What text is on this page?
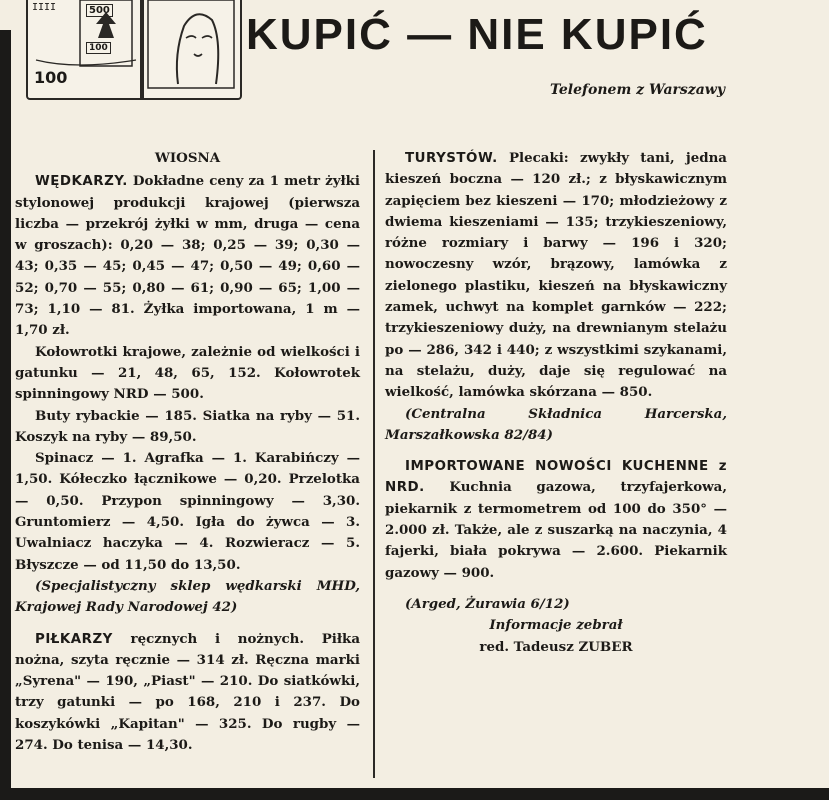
IIII	500
100
100
KUPIĆ — NIE KUPIĆ

Telefonem z Warszawy

WIOSNA

WĘDKARZY. Dokładne ceny za 1 metr żyłki stylonowej produkcji krajowej (pierwsza liczba — przekrój żyłki w mm, druga — cena w groszach): 0,20 — 38; 0,25 — 39; 0,30 — 43; 0,35 — 45; 0,45 — 47; 0,50 — 49; 0,60 — 52; 0,70 — 55; 0,80 — 61; 0,90 — 65; 1,00 — 73; 1,10 — 81. Żyłka importowana, 1 m — 1,70 zł.

Kołowrotki krajowe, zależnie od wielkości i gatunku — 21, 48, 65, 152. Kołowrotek spinningowy NRD — 500.

Buty rybackie — 185. Siatka na ryby — 51. Koszyk na ryby — 89,50.

Spinacz — 1. Agrafka — 1. Karabińczy — 1,50. Kółeczko łącznikowe — 0,20. Przelotka — 0,50. Przypon spinningowy — 3,30. Gruntomierz — 4,50. Igła do żywca — 3. Uwalniacz haczyka — 4. Rozwieracz — 5. Błyszcze — od 11,50 do 13,50.

(Specjalistyczny sklep wędkarski MHD, Krajowej Rady Narodowej 42)

PIŁKARZY ręcznych i nożnych. Piłka nożna, szyta ręcznie — 314 zł. Ręczna marki „Syrena" — 190, „Piast" — 210. Do siatkówki, trzy gatunki — po 168, 210 i 237. Do koszykówki „Kapitan" — 325. Do rugby — 274. Do tenisa — 14,30.

TURYSTÓW. Plecaki: zwykły tani, jedna kieszeń boczna — 120 zł.; z błyskawicznym zapięciem bez kieszeni — 170; młodzieżowy z dwiema kieszeniami — 135; trzykieszeniowy, różne rozmiary i barwy — 196 i 320; nowoczesny wzór, brązowy, lamówka z zielonego plastiku, kieszeń na błyskawiczny zamek, uchwyt na komplet garnków — 222; trzykieszeniowy duży, na drewnianym stelażu po — 286, 342 i 440; z wszystkimi szykanami, na stelażu, duży, daje się regulować na wielkość, lamówka skórzana — 850.

(Centralna Składnica Harcerska, Marszałkowska 82/84)

IMPORTOWANE NOWOŚCI KUCHENNE z NRD. Kuchnia gazowa, trzyfajerkowa, piekarnik z termometrem od 100 do 350° — 2.000 zł. Także, ale z suszarką na naczynia, 4 fajerki, biała pokrywa — 2.600. Piekarnik gazowy — 900.

(Arged, Żurawia 6/12)

Informacje zebrał

red. Tadeusz ZUBER
